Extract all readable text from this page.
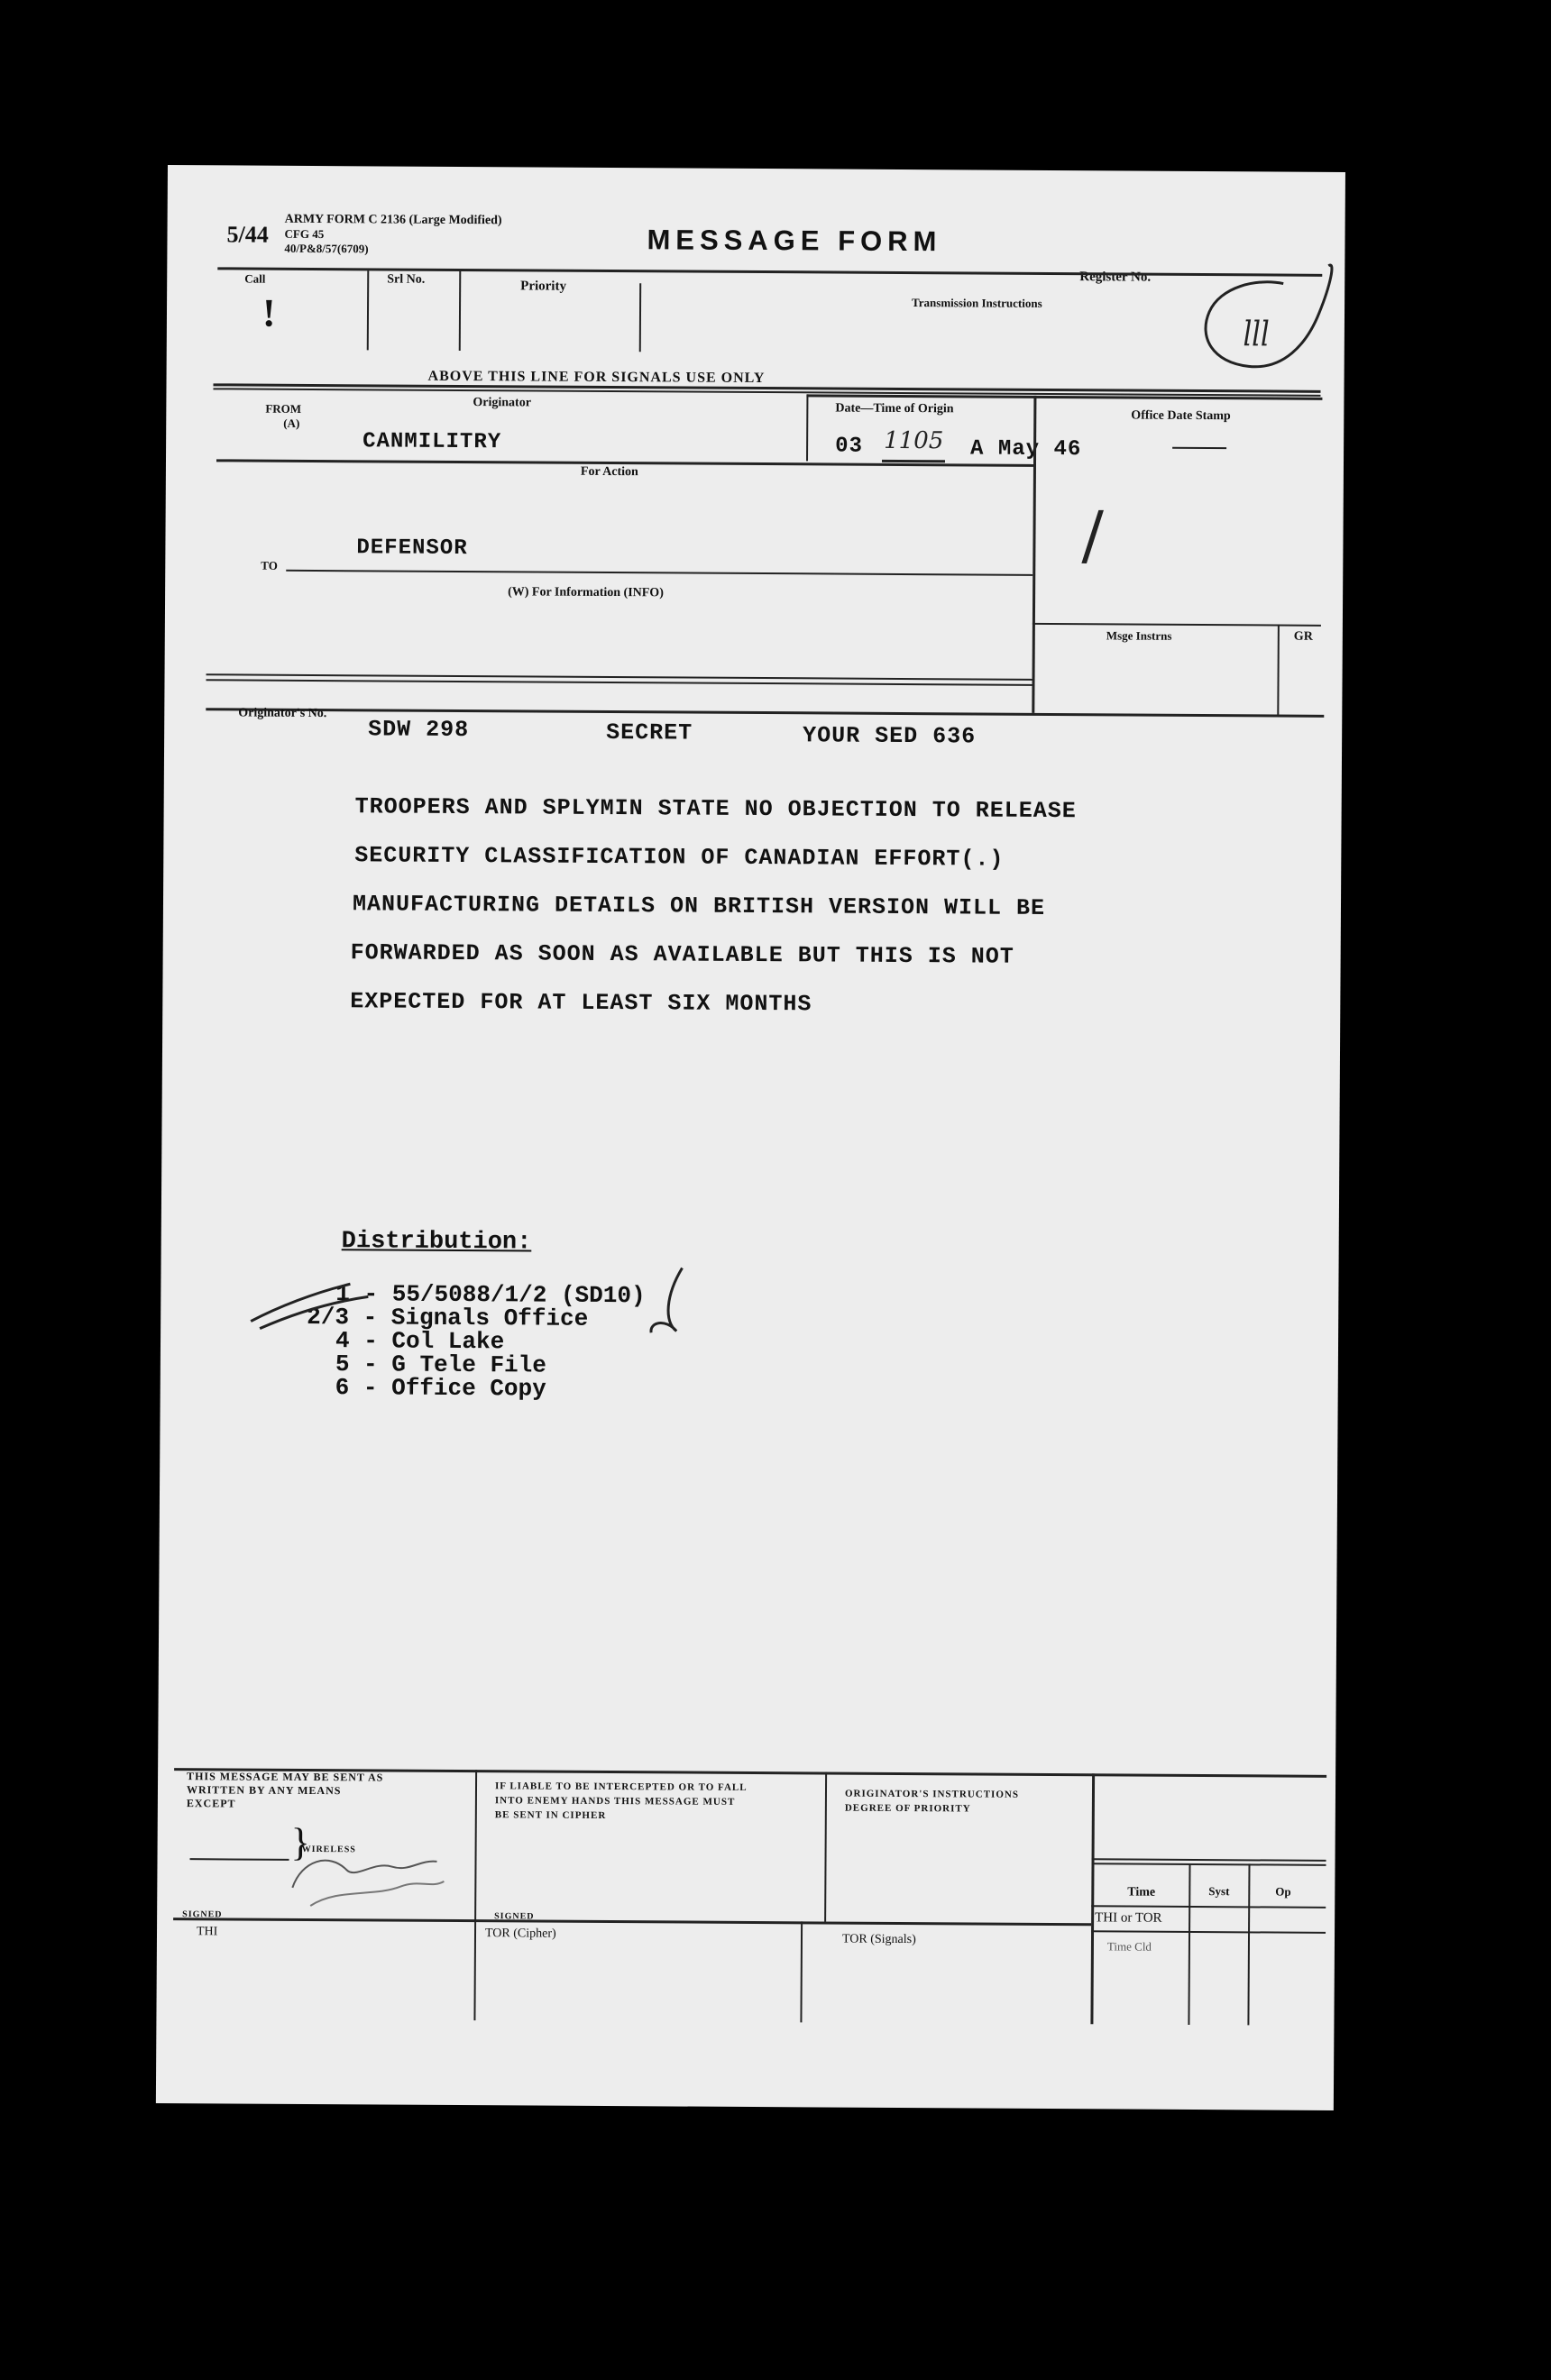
5/44
ARMY FORM C 2136 (Large Modified)
CFG 45
40/P&8/57(6709)	MESSAGE FORM
Register No.
Call
!
Srl No.	Priority
Transmission Instructions
lll
ABOVE THIS LINE FOR SIGNALS USE ONLY
FROM
(A)
Originator
CANMILITRY
Date—Time of Origin
03 1105 A May 46
Office Date Stamp
/
For Action
DEFENSOR
TO
(W) For Information (INFO)
Msge Instrns	GR
Originator's No.
SDW 298	SECRET	YOUR SED 636
TROOPERS AND SPLYMIN STATE NO OBJECTION TO RELEASE
SECURITY CLASSIFICATION OF CANADIAN EFFORT(.)
MANUFACTURING DETAILS ON BRITISH VERSION WILL BE
FORWARDED AS SOON AS AVAILABLE BUT THIS IS NOT
EXPECTED FOR AT LEAST SIX MONTHS
Distribution:
1 - 55/5088/1/2 (SD10)
2/3 - Signals Office
4 - Col Lake
5 - G Tele File
6 - Office Copy
THIS MESSAGE MAY BE SENT AS
WRITTEN BY ANY MEANS
EXCEPT
}
WIRELESS
SIGNED
IF LIABLE TO BE INTERCEPTED OR TO FALL
INTO ENEMY HANDS THIS MESSAGE MUST
BE SENT IN CIPHER
SIGNED
ORIGINATOR'S INSTRUCTIONS
DEGREE OF PRIORITY
Time	Syst	Op
THI or TOR
Time Cld
THI	TOR (Cipher)	TOR (Signals)
